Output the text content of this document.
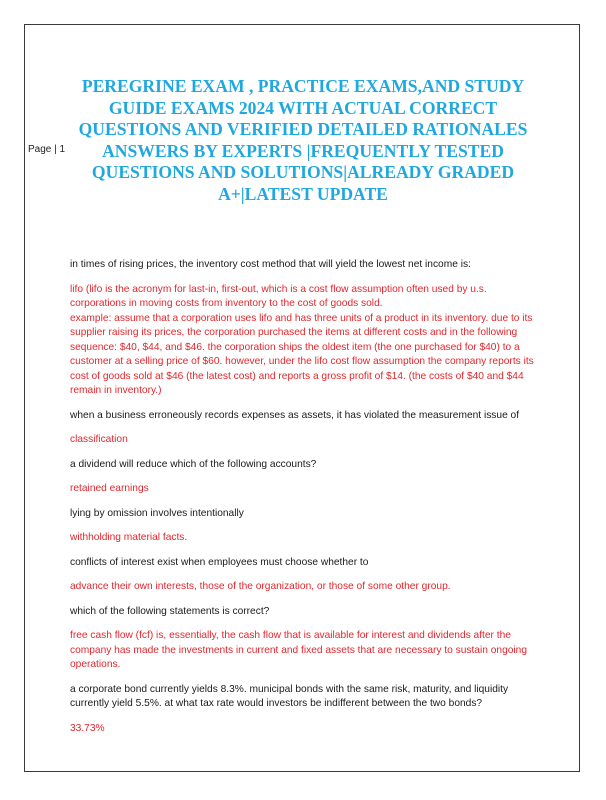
Page | 1
PEREGRINE EXAM , PRACTICE EXAMS,AND STUDY GUIDE EXAMS 2024 WITH ACTUAL CORRECT QUESTIONS AND VERIFIED DETAILED RATIONALES ANSWERS BY EXPERTS |FREQUENTLY TESTED QUESTIONS AND SOLUTIONS|ALREADY GRADED A+|LATEST UPDATE

in times of rising prices, the inventory cost method that will yield the lowest net income is:

lifo (lifo is the acronym for last-in, first-out, which is a cost flow assumption often used by u.s. corporations in moving costs from inventory to the cost of goods sold.

example: assume that a corporation uses lifo and has three units of a product in its inventory. due to its supplier raising its prices, the corporation purchased the items at different costs and in the following sequence: $40, $44, and $46. the corporation ships the oldest item (the one purchased for $40) to a customer at a selling price of $60. however, under the lifo cost flow assumption the company reports its cost of goods sold at $46 (the latest cost) and reports a gross profit of $14. (the costs of $40 and $44 remain in inventory.)

when a business erroneously records expenses as assets, it has violated the measurement issue of

classification

a dividend will reduce which of the following accounts?

retained earnings

lying by omission involves intentionally

withholding material facts.

conflicts of interest exist when employees must choose whether to

advance their own interests, those of the organization, or those of some other group.

which of the following statements is correct?

free cash flow (fcf) is, essentially, the cash flow that is available for interest and dividends after the company has made the investments in current and fixed assets that are necessary to sustain ongoing operations.

a corporate bond currently yields 8.3%. municipal bonds with the same risk, maturity, and liquidity currently yield 5.5%. at what tax rate would investors be indifferent between the two bonds?

33.73%
